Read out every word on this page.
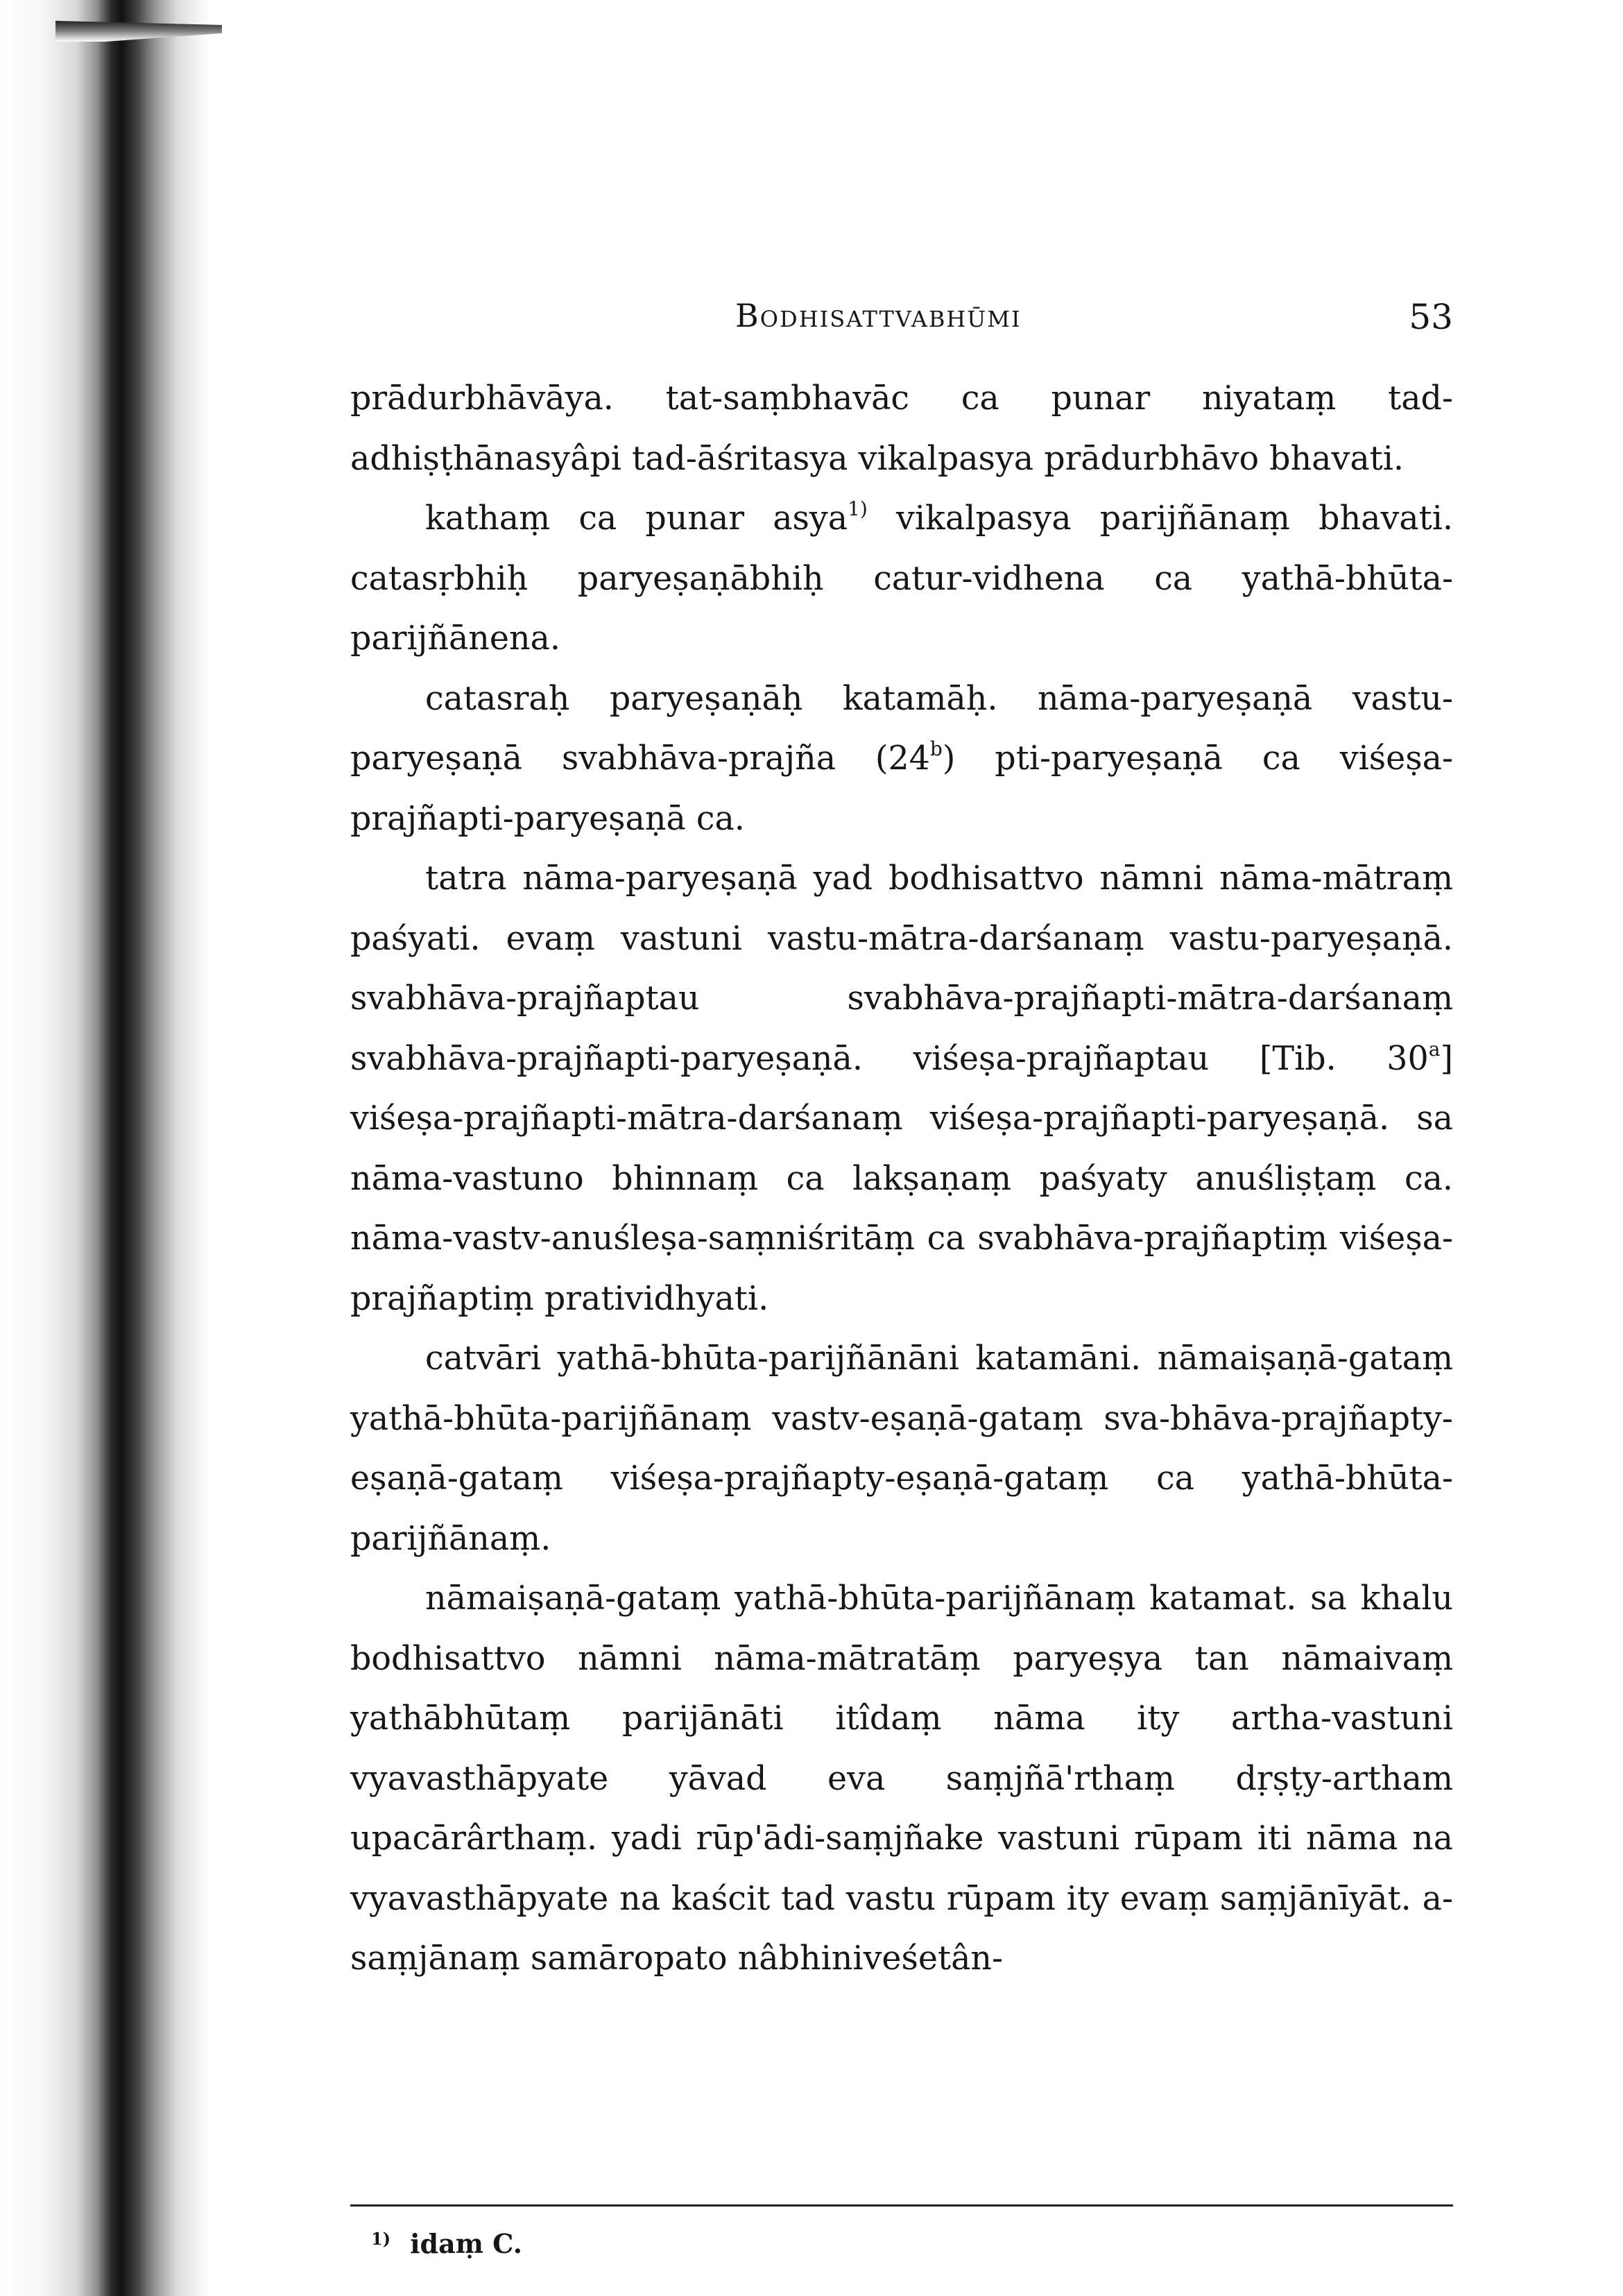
Bodhisattvabhūmi	53

prādurbhāvāya. tat-saṃbhavāc ca punar niyataṃ tad-adhiṣṭhānasyâpi tad-āśritasya vikalpasya prādurbhāvo bhavati.

kathaṃ ca punar asya$^{1)}$ vikalpasya parijñānaṃ bhavati. catasṛbhiḥ paryeṣaṇābhiḥ catur-vidhena ca yathā-bhūta-parijñānena.

catasraḥ paryeṣaṇāḥ katamāḥ. nāma-paryeṣaṇā vastu-paryeṣaṇā svabhāva-prajña (24$^b$) pti-paryeṣaṇā ca viśeṣa-prajñapti-paryeṣaṇā ca.

tatra nāma-paryeṣaṇā yad bodhisattvo nāmni nāma-mātraṃ paśyati. evaṃ vastuni vastu-mātra-darśanaṃ vastu-paryeṣaṇā. svabhāva-prajñaptau svabhāva-prajñapti-mātra-darśanaṃ svabhāva-prajñapti-paryeṣaṇā. viśeṣa-prajñaptau [Tib. 30$^a$] viśeṣa-prajñapti-mātra-darśanaṃ viśeṣa-prajñapti-paryeṣaṇā. sa nāma-vastuno bhinnaṃ ca lakṣaṇaṃ paśyaty anuśliṣṭaṃ ca. nāma-vastv-anuśleṣa-saṃniśritāṃ ca svabhāva-prajñaptiṃ viśeṣa-prajñaptiṃ pratividhyati.

catvāri yathā-bhūta-parijñānāni katamāni. nāmaiṣaṇā-gataṃ yathā-bhūta-parijñānaṃ vastv-eṣaṇā-gataṃ sva-bhāva-prajñapty-eṣaṇā-gataṃ viśeṣa-prajñapty-eṣaṇā-gataṃ ca yathā-bhūta-parijñānaṃ.

nāmaiṣaṇā-gataṃ yathā-bhūta-parijñānaṃ katamat. sa khalu bodhisattvo nāmni nāma-mātratāṃ paryeṣya tan nāmaivaṃ yathābhūtaṃ parijānāti itîdaṃ nāma ity artha-vastuni vyavasthāpyate yāvad eva saṃjñā'rthaṃ dṛṣṭy-artham upacārârthaṃ. yadi rūp'ādi-saṃjñake vastuni rūpam iti nāma na vyavasthāpyate na kaścit tad vastu rūpam ity evaṃ saṃjānīyāt. a-saṃjānaṃ samāropato nâbhiniveśetân-

$^{1)}$ idaṃ C.
